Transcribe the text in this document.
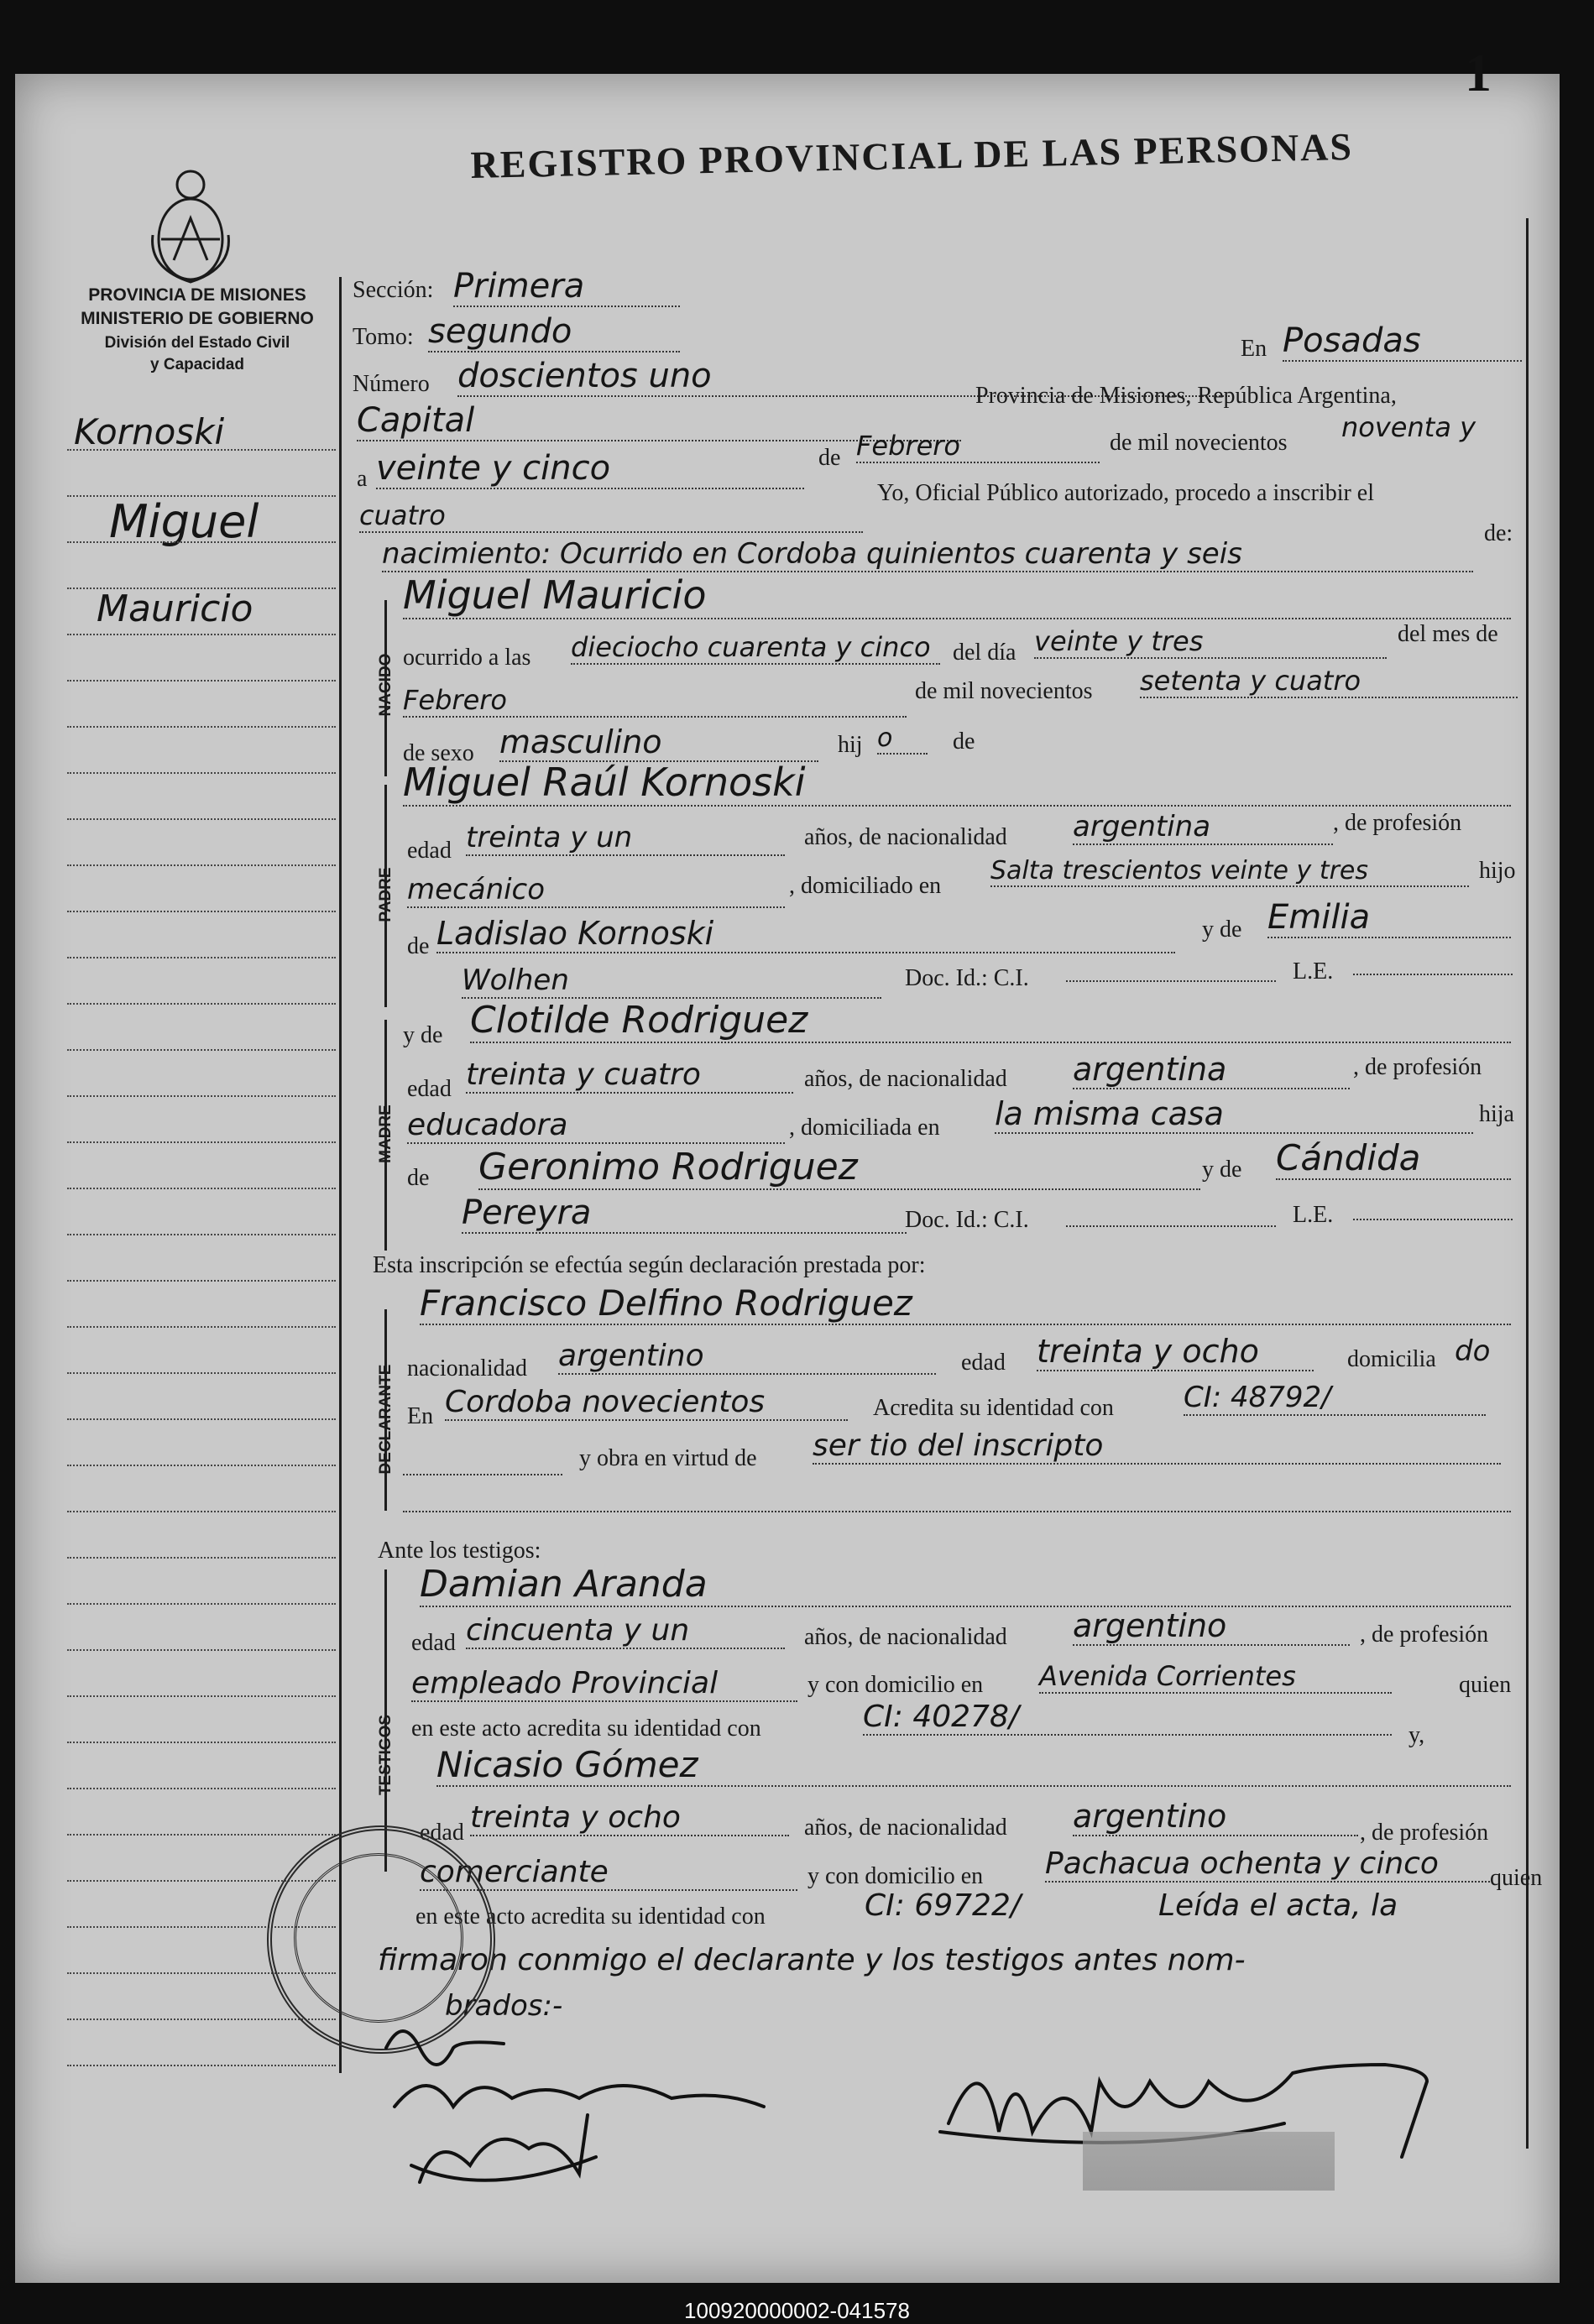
1
REGISTRO PROVINCIAL DE LAS PERSONAS
PROVINCIA DE MISIONES
MINISTERIO DE GOBIERNO
División del Estado Civil
y Capacidad
Kornoski
Miguel
Mauricio
Sección: Primera
Tomo: segundo
Número doscientos uno
En Posadas
Capital
Provincia de Misiones, República Argentina,
a veinte y cinco	de Febrero	de mil novecientos noventa y
cuatro
Yo, Oficial Público autorizado, procedo a inscribir el
nacimiento: Ocurrido en Cordoba quinientos cuarenta y seis
de:
NACIDO
Miguel Mauricio
ocurrido a las dieciocho cuarenta y cinco del día veinte y tres	del mes de
Febrero	de mil novecientos setenta y cuatro
de sexo masculino	hij o	de
PADRE
Miguel Raúl Kornoski
edad treinta y un	años, de nacionalidad argentina	, de profesión
mecánico	, domiciliado en
Salta trescientos veinte y tres	hijo
de Ladislao Kornoski	y de Emilia
Wolhen	Doc. Id.: C.I.	L.E.
MADRE
y de Clotilde Rodriguez
edad treinta y cuatro	años, de nacionalidad argentina	, de profesión
educadora	, domiciliada en la misma casa	hija
de Geronimo Rodriguez	y de Cándida
Pereyra	Doc. Id.: C.I.	L.E.
Esta inscripción se efectúa según declaración prestada por:
DECLARANTE
Francisco Delfino Rodriguez
nacionalidad argentino	edad treinta y ocho	domicilia do
En Cordoba novecientos	Acredita su identidad con CI: 48792/
y obra en virtud de ser tio del inscripto
Ante los testigos:
TESTIGOS
Damian Aranda
edad cincuenta y un	años, de nacionalidad argentino	, de profesión
empleado Provincial	y con domicilio en Avenida Corrientes	quien
en este acto acredita su identidad con	CI: 40278/
y,
Nicasio Gómez
edad treinta y ocho	años, de nacionalidad argentino	, de profesión
comerciante	y con domicilio en Pachacua ochenta y cinco	quien
en este acto acredita su identidad con	CI: 69722/	Leída el acta, la
firmaron conmigo el declarante y los testigos antes nom-
brados:-
100920000002-041578
